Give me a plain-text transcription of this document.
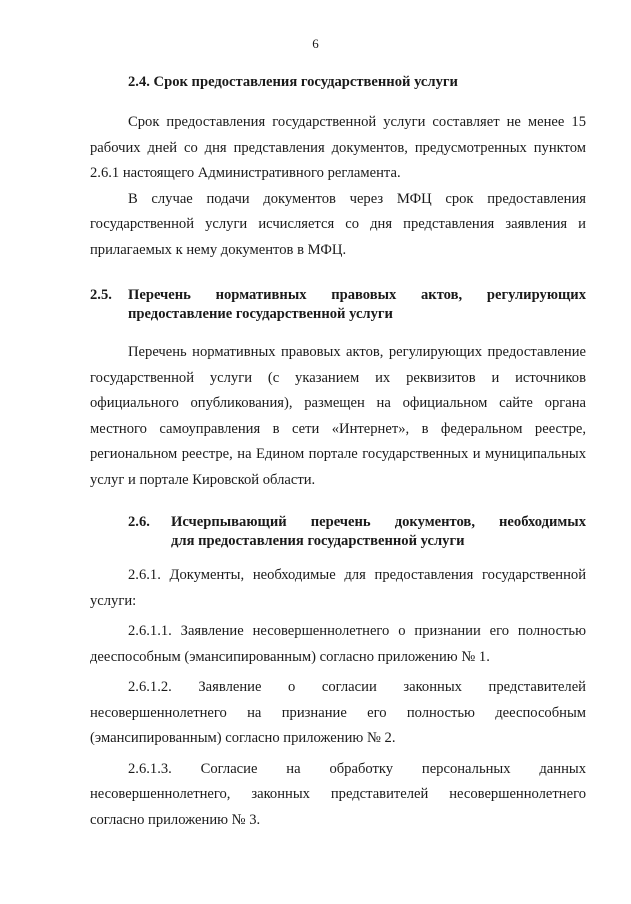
6

2.4. Срок предоставления государственной услуги

Срок предоставления государственной услуги составляет не менее 15 рабочих дней со дня представления документов, предусмотренных пунктом 2.6.1 настоящего Административного регламента.

В случае подачи документов через МФЦ срок предоставления государственной услуги исчисляется со дня представления заявления и прилагаемых к нему документов в МФЦ.

2.5.	Перечень нормативных правовых актов, регулирующих
предоставление государственной услуги

Перечень нормативных правовых актов, регулирующих предоставление государственной услуги (с указанием их реквизитов и источников официального опубликования), размещен на официальном сайте органа местного самоуправления в сети «Интернет», в федеральном реестре, региональном реестре, на Едином портале государственных и муниципальных услуг и портале Кировской области.

2.6.	Исчерпывающий перечень документов, необходимых
для предоставления государственной услуги

2.6.1. Документы, необходимые для предоставления государственной услуги:

2.6.1.1. Заявление несовершеннолетнего о признании его полностью дееспособным (эмансипированным) согласно приложению № 1.

2.6.1.2. Заявление о согласии законных представителей несовершеннолетнего на признание его полностью дееспособным (эмансипированным) согласно приложению № 2.

2.6.1.3. Согласие на обработку персональных данных несовершеннолетнего, законных представителей несовершеннолетнего согласно приложению № 3.
